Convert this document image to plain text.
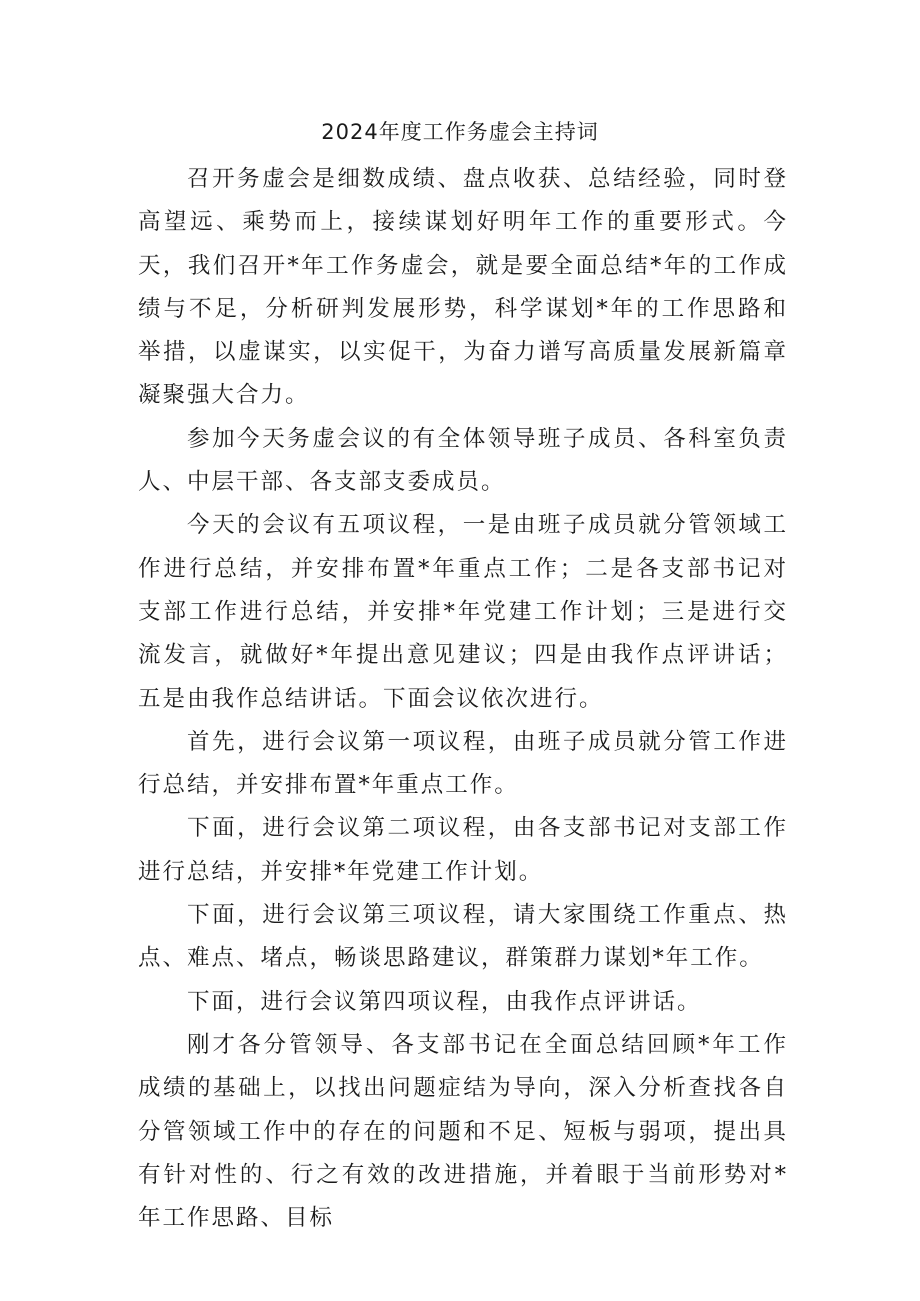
2024年度工作务虚会主持词

召开务虚会是细数成绩、盘点收获、总结经验，同时登高望远、乘势而上，接续谋划好明年工作的重要形式。今天，我们召开*年工作务虚会，就是要全面总结*年的工作成绩与不足，分析研判发展形势，科学谋划*年的工作思路和举措，以虚谋实，以实促干，为奋力谱写高质量发展新篇章凝聚强大合力。

参加今天务虚会议的有全体领导班子成员、各科室负责人、中层干部、各支部支委成员。

今天的会议有五项议程，一是由班子成员就分管领域工作进行总结，并安排布置*年重点工作；二是各支部书记对支部工作进行总结，并安排*年党建工作计划；三是进行交流发言，就做好*年提出意见建议；四是由我作点评讲话；五是由我作总结讲话。下面会议依次进行。

首先，进行会议第一项议程，由班子成员就分管工作进行总结，并安排布置*年重点工作。

下面，进行会议第二项议程，由各支部书记对支部工作进行总结，并安排*年党建工作计划。

下面，进行会议第三项议程，请大家围绕工作重点、热点、难点、堵点，畅谈思路建议，群策群力谋划*年工作。

下面，进行会议第四项议程，由我作点评讲话。

刚才各分管领导、各支部书记在全面总结回顾*年工作成绩的基础上，以找出问题症结为导向，深入分析查找各自分管领域工作中的存在的问题和不足、短板与弱项，提出具有针对性的、行之有效的改进措施，并着眼于当前形势对*年工作思路、目标
